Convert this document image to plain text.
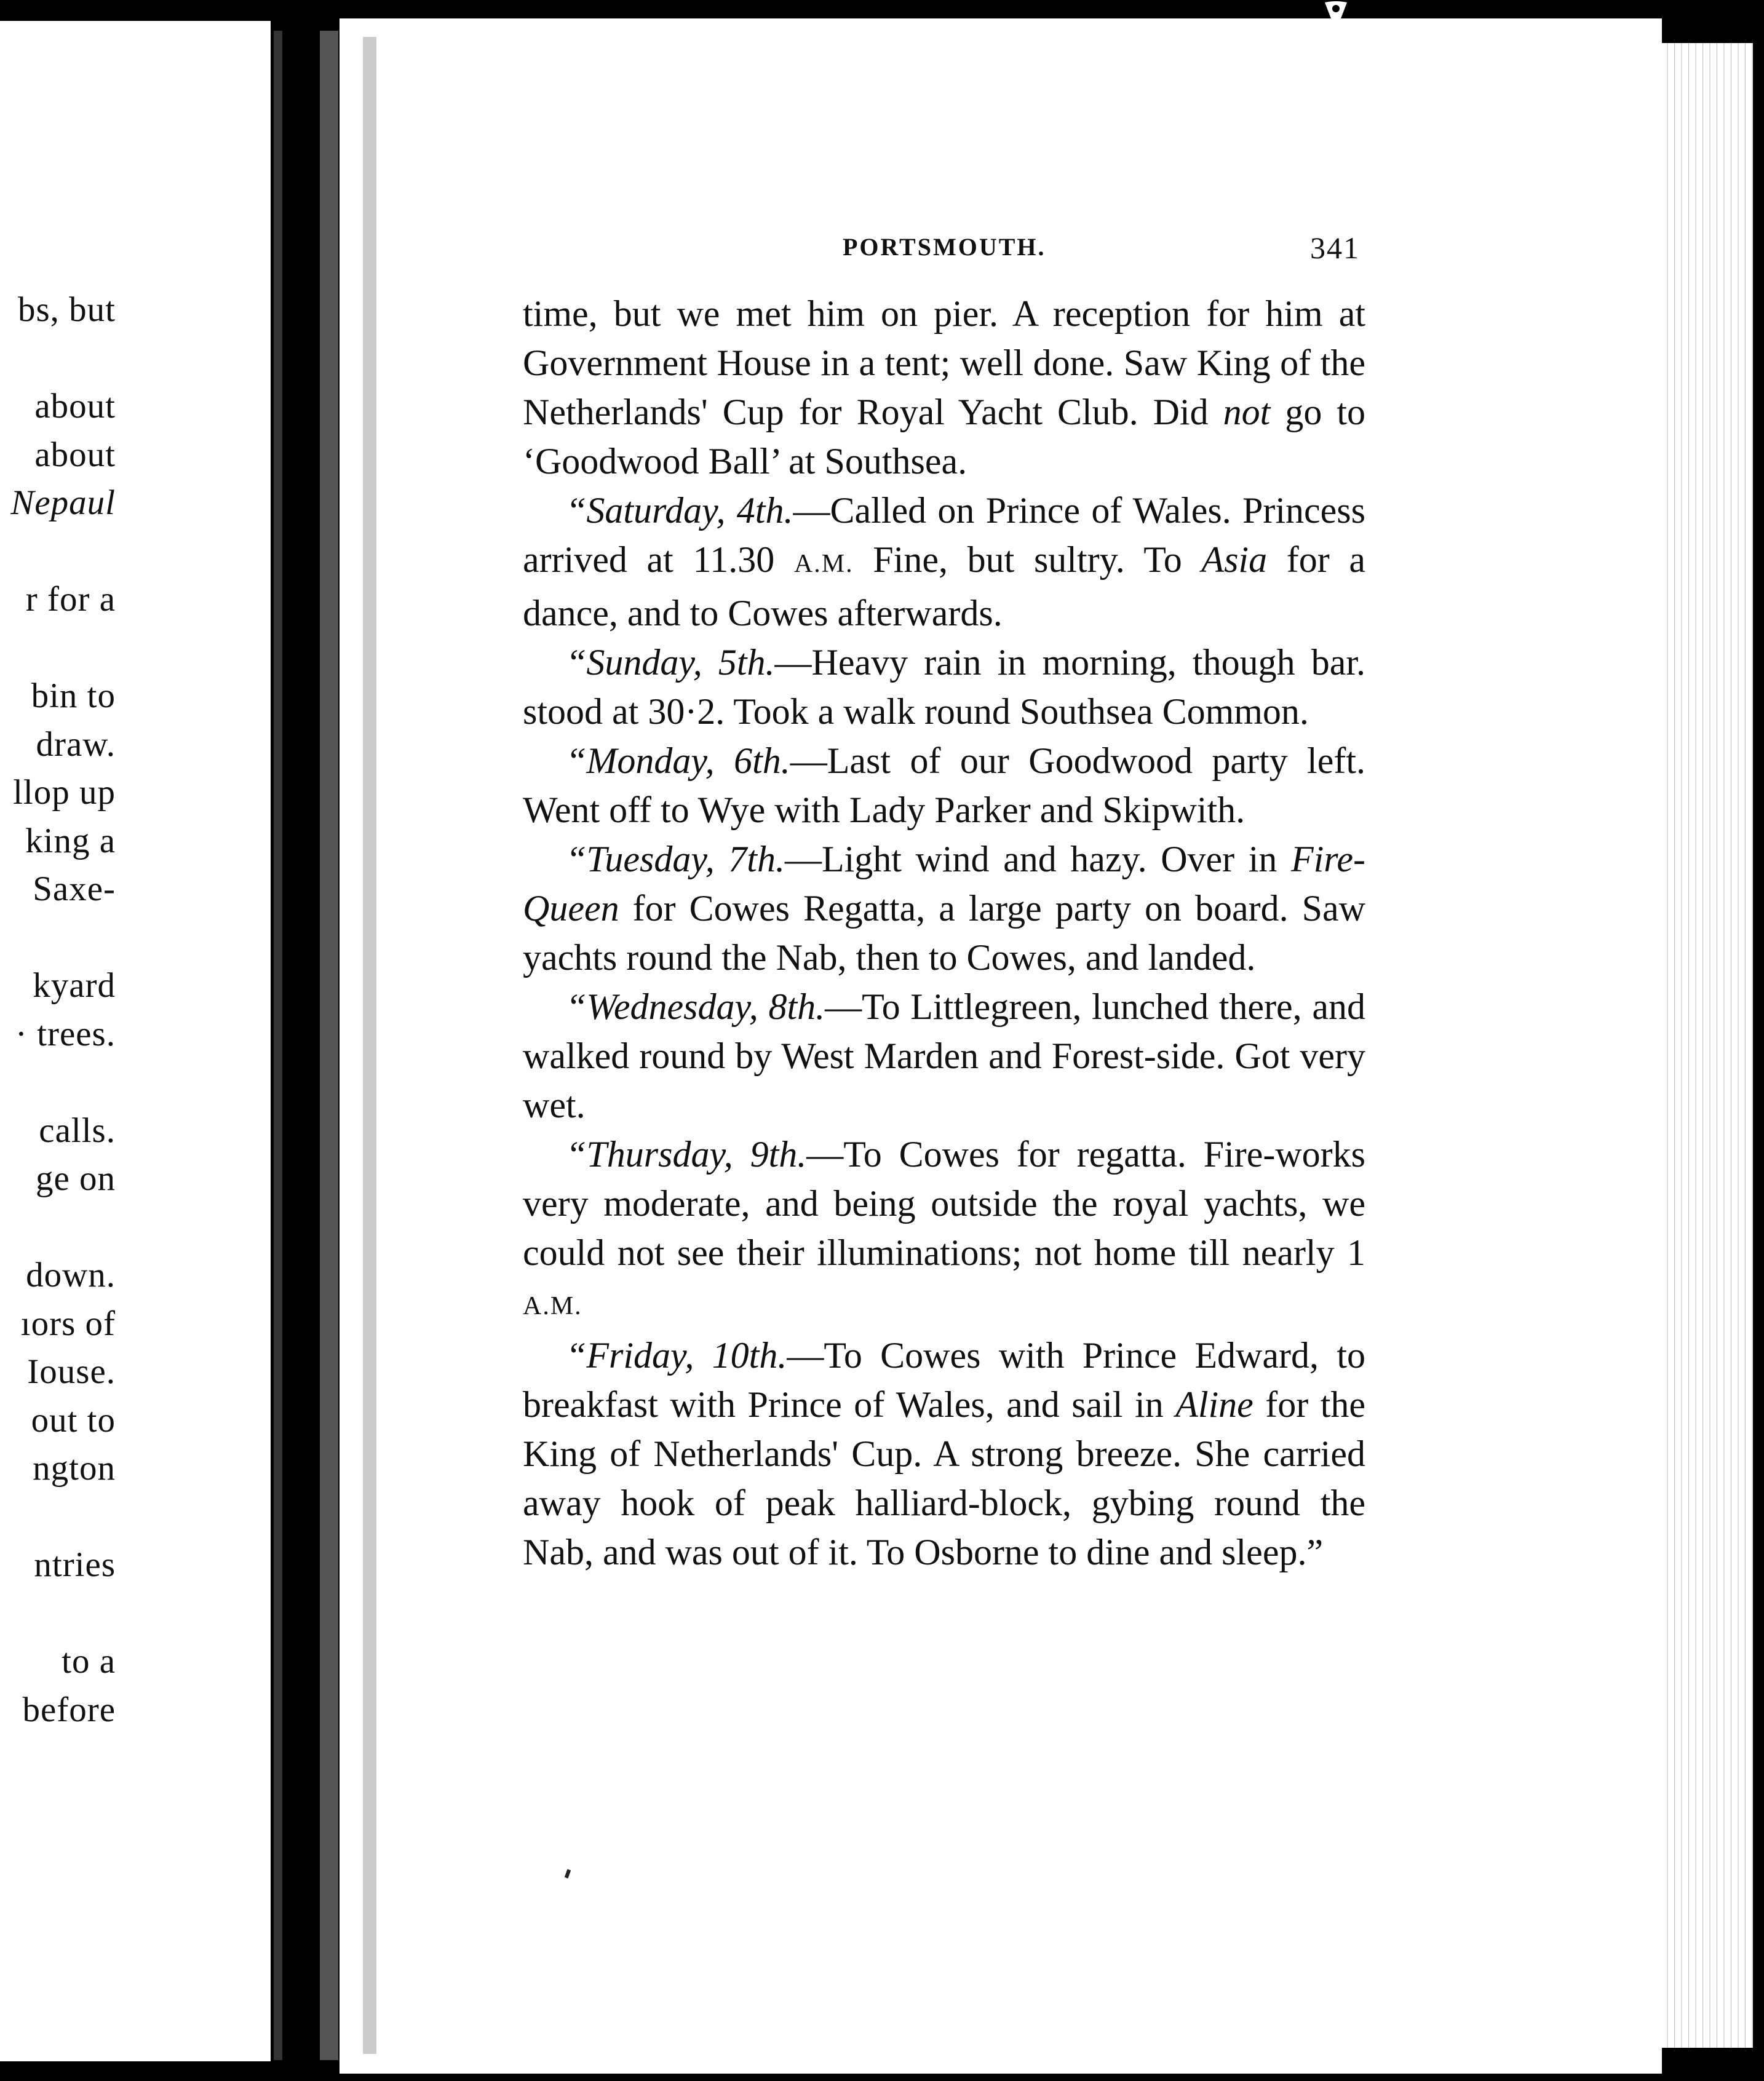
bs, but
about
about
Nepaul
r for a
bin to
draw.
llop up
king a
Saxe-
kyard
· trees.
calls.
ge on
down.
ıors of
Iouse.
out to
ngton
ntries
to a
before
PORTSMOUTH.	341

time, but we met him on pier. A reception for him at Government House in a tent; well done. Saw King of the Netherlands' Cup for Royal Yacht Club. Did not go to ‘Goodwood Ball’ at Southsea.

“Saturday, 4th.—Called on Prince of Wales. Princess arrived at 11.30 A.M. Fine, but sultry. To Asia for a dance, and to Cowes afterwards.

“Sunday, 5th.—Heavy rain in morning, though bar. stood at 30·2. Took a walk round Southsea Common.

“Monday, 6th.—Last of our Goodwood party left. Went off to Wye with Lady Parker and Skipwith.

“Tuesday, 7th.—Light wind and hazy. Over in Fire-Queen for Cowes Regatta, a large party on board. Saw yachts round the Nab, then to Cowes, and landed.

“Wednesday, 8th.—To Littlegreen, lunched there, and walked round by West Marden and Forest-side. Got very wet.

“Thursday, 9th.—To Cowes for regatta. Fire-works very moderate, and being outside the royal yachts, we could not see their illuminations; not home till nearly 1 A.M.

“Friday, 10th.—To Cowes with Prince Edward, to breakfast with Prince of Wales, and sail in Aline for the King of Netherlands' Cup. A strong breeze. She carried away hook of peak halliard-block, gybing round the Nab, and was out of it. To Osborne to dine and sleep.”
